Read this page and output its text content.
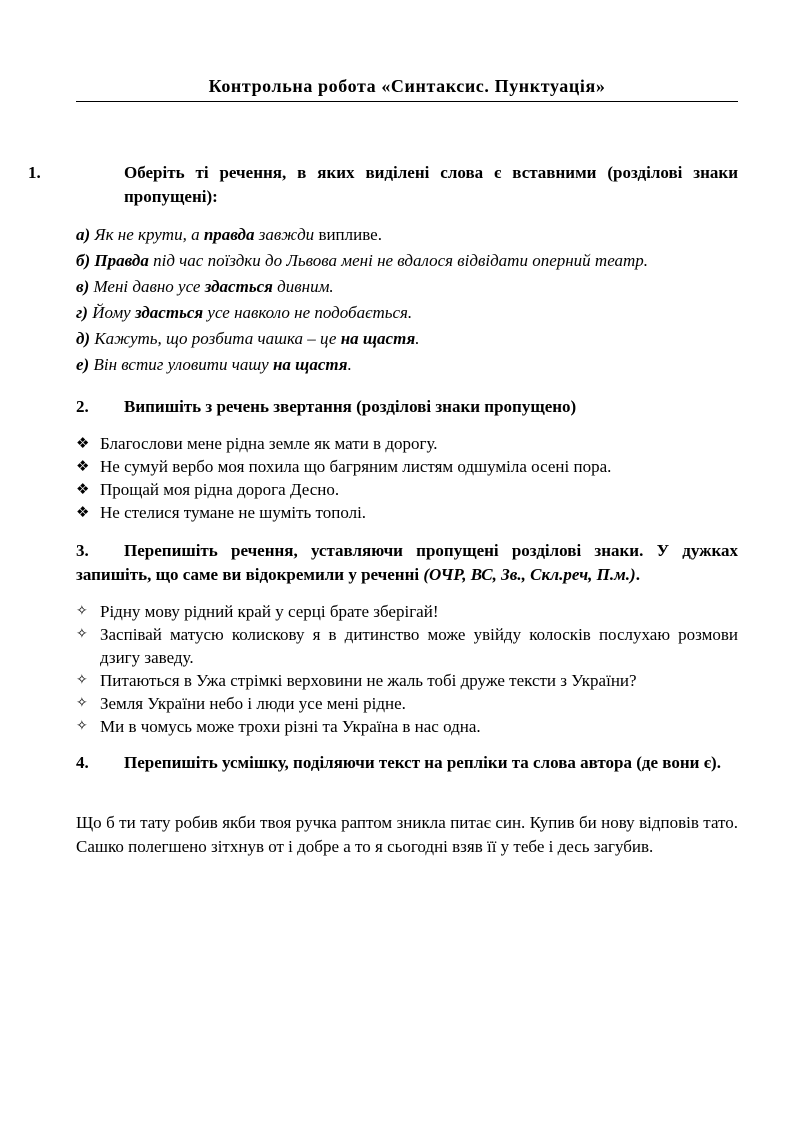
Контрольна робота «Синтаксис. Пунктуація»
1.	Оберіть ті речення, в яких виділені слова є вставними (розділові знаки пропущені):
а) Як не крути, а правда завжди випливе.
б) Правда під час поїздки до Львова мені не вдалося відвідати оперний театр.
в) Мені давно усе здасться дивним.
г) Йому здасться усе навколо не подобається.
д) Кажуть, що розбита чашка – це на щастя.
е) Він встиг уловити чашу на щастя.
2. Випишіть з речень звертання (розділові знаки пропущено)
❖ Благослови мене рідна земле як мати в дорогу.
❖ Не сумуй вербо моя похила що багряним листям одшуміла осені пора.
❖ Прощай моя рідна дорога Десно.
❖ Не стелися тумане не шуміть тополі.
3. Перепишіть речення, уставляючи пропущені розділові знаки. У дужках запишіть, що саме ви відокремили у реченні (ОЧР, ВС, Зв., Скл.реч, П.м.).
✧ Рідну мову рідний край у серці брате зберігай!
✧ Заспівай матусю колискову я в дитинство може увійду колосків послухаю розмови дзигу заведу.
✧ Питаються в Ужа стрімкі верховини не жаль тобі друже тексти з України?
✧ Земля України небо і люди усе мені рідне.
✧ Ми в чомусь може трохи різні та Україна в нас одна.
4. Перепишіть усмішку, поділяючи текст на репліки та слова автора (де вони є).
Що б ти тату робив якби твоя ручка раптом зникла питає син. Купив би нову відповів тато. Сашко полегшено зітхнув от і добре а то я сьогодні взяв її у тебе і десь загубив.
